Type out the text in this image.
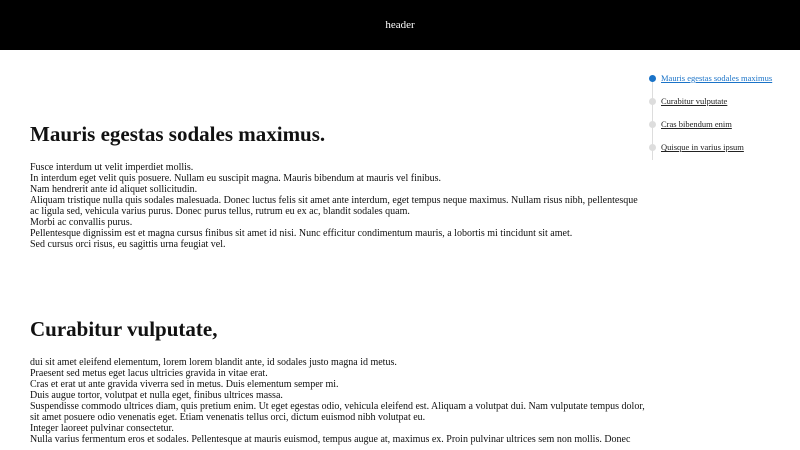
header
Mauris egestas sodales maximus.
Fusce interdum ut velit imperdiet mollis.
In interdum eget velit quis posuere. Nullam eu suscipit magna. Mauris bibendum at mauris vel finibus.
Nam hendrerit ante id aliquet sollicitudin.
Aliquam tristique nulla quis sodales malesuada. Donec luctus felis sit amet ante interdum, eget tempus neque maximus. Nullam risus nibh, pellentesque
ac ligula sed, vehicula varius purus. Donec purus tellus, rutrum eu ex ac, blandit sodales quam.
Morbi ac convallis purus.
Pellentesque dignissim est et magna cursus finibus sit amet id nisi. Nunc efficitur condimentum mauris, a lobortis mi tincidunt sit amet.
Sed cursus orci risus, eu sagittis urna feugiat vel.
Curabitur vulputate,
dui sit amet eleifend elementum, lorem lorem blandit ante, id sodales justo magna id metus.
Praesent sed metus eget lacus ultricies gravida in vitae erat.
Cras et erat ut ante gravida viverra sed in metus. Duis elementum semper mi.
Duis augue tortor, volutpat et nulla eget, finibus ultrices massa.
Suspendisse commodo ultrices diam, quis pretium enim. Ut eget egestas odio, vehicula eleifend est. Aliquam a volutpat dui. Nam vulputate tempus dolor,
sit amet posuere odio venenatis eget. Etiam venenatis tellus orci, dictum euismod nibh volutpat eu.
Integer laoreet pulvinar consectetur.
Nulla varius fermentum eros et sodales. Pellentesque at mauris euismod, tempus augue at, maximus ex. Proin pulvinar ultrices sem non mollis. Donec
Mauris egestas sodales maximus
Curabitur vulputate
Cras bibendum enim
Quisque in varius ipsum
